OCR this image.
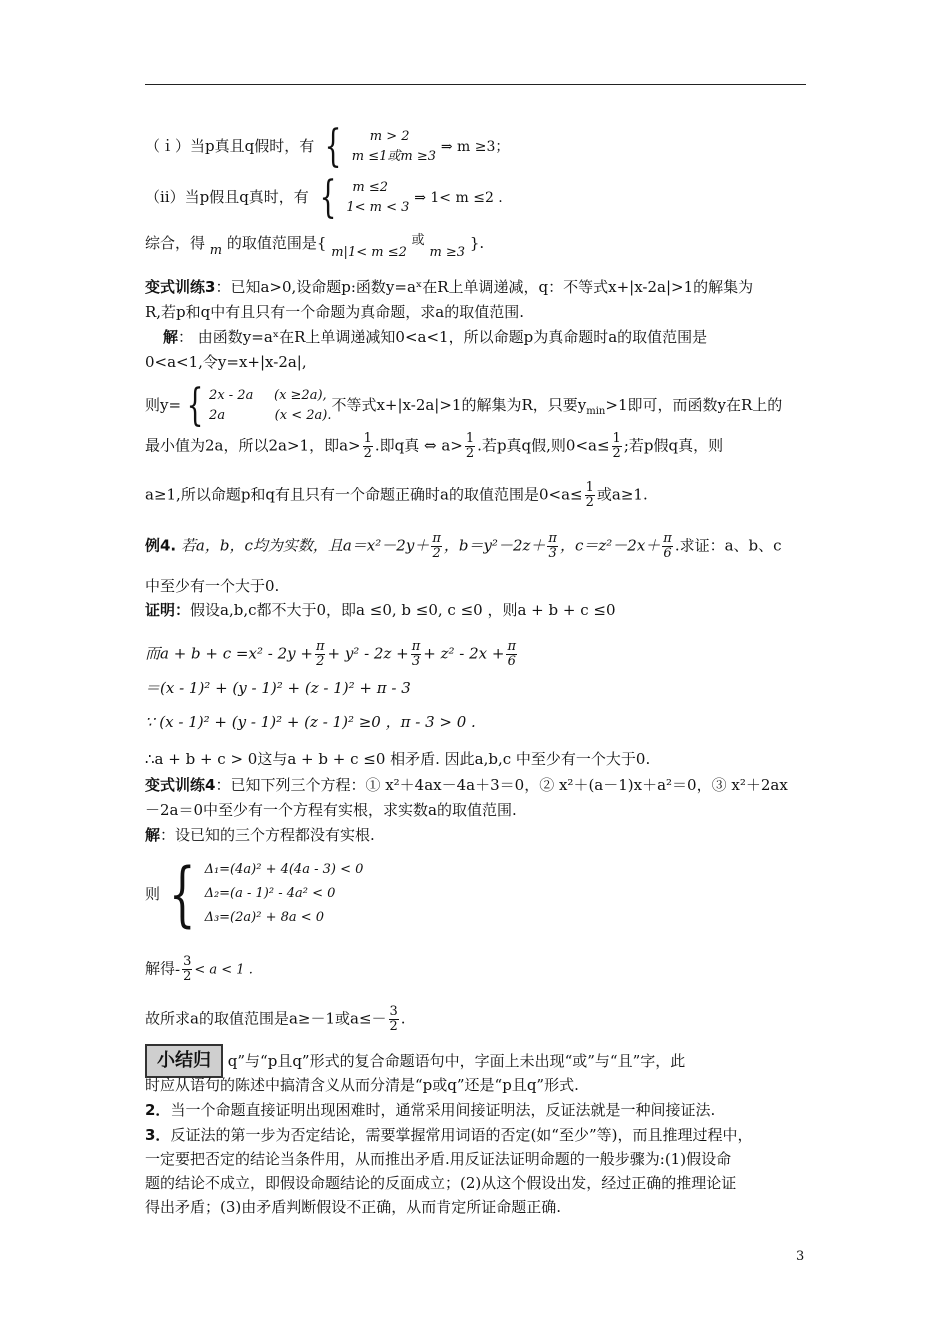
（ｉ）当p真且q假时，有 {	m > 2
m ≤1或m ≥3
⇒ m ≥3；
（ⅱ）当p假且q真时，有 {	m ≤2
1< m < 3
⇒ 1< m ≤2 .
综合，得 m 的取值范围是{ m|1< m ≤2 或 m ≥3 }.
变式训练3：已知a>0,设命题p:函数y=aˣ在R上单调递减，q：不等式x+|x-2a|>1的解集为
R,若p和q中有且只有一个命题为真命题，求a的取值范围.
解： 由函数y=aˣ在R上单调递减知0<a<1，所以命题p为真命题时a的取值范围是
0<a<1,令y=x+|x-2a|,
则y= { 2x - 2a (x ≥2a),
2a	(x < 2a).
不等式x+|x-2a|>1的解集为R，只要$y_{min}>1$即可，而函数y在R上的
最小值为2a，所以2a>1，即$a> \frac{1}{2}$ .即q真 ⇔ $a> \frac{1}{2}$ .若p真q假,则$0<a\le \frac{1}{2}$ ;若p假q真，则
a≥1,所以命题p和q有且只有一个命题正确时a的取值范围是$0<a\le \frac{1}{2}$ 或a≥1.
例4. 若a，b，c均为实数，且$a=x^2-2y+ \frac{\pi}{2}$ ，$b=y^2-2z+ \frac{\pi}{3}$ ，$c=z^2-2x+ \frac{\pi}{6}$ .求证：a、b、c
中至少有一个大于0.
证明：假设a,b,c都不大于0，即a ≤0, b ≤0, c ≤0 ，则a + b + c ≤0
而$a + b + c =x^2 - 2y + \frac{\pi}{2} + y^2 - 2z + \frac{\pi}{3} + z^2 - 2x + \frac{\pi}{6}$
＝(x - 1)² + (y - 1)² + (z - 1)² + π - 3
∵ (x - 1)² + (y - 1)² + (z - 1)² ≥0 ，π - 3 > 0 .
∴a + b + c > 0这与a + b + c ≤0 相矛盾. 因此a,b,c 中至少有一个大于0.
变式训练4：已知下列三个方程：① x²＋4ax－4a＋3＝0，② x²＋(a－1)x＋a²＝0，③ x²＋2ax
－2a＝0中至少有一个方程有实根，求实数a的取值范围.
解：设已知的三个方程都没有实根.
则 { Δ₁=(4a)² + 4(4a - 3) < 0
Δ₂=(a - 1)² - 4a² < 0
Δ₃=(2a)² + 8a < 0
解得- $\frac{3}{2} < a < 1$ .
故所求a的取值范围是a≥－1或$a\le- \frac{3}{2}$ .
小结归 q”与“p且q”形式的复合命题语句中，字面上未出现“或”与“且”字，此
时应从语句的陈述中搞清含义从而分清是“p或q”还是“p且q”形式.
2．当一个命题直接证明出现困难时，通常采用间接证明法，反证法就是一种间接证法.
3．反证法的第一步为否定结论，需要掌握常用词语的否定(如“至少”等)，而且推理过程中，
一定要把否定的结论当条件用，从而推出矛盾.用反证法证明命题的一般步骤为:(1)假设命
题的结论不成立，即假设命题结论的反面成立；(2)从这个假设出发，经过正确的推理论证
得出矛盾；(3)由矛盾判断假设不正确，从而肯定所证命题正确.
3
